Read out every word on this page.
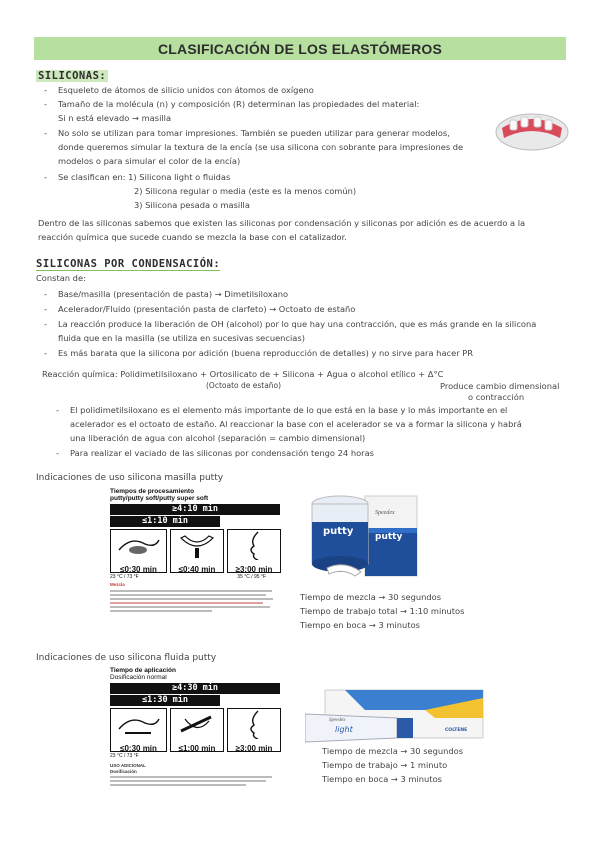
CLASIFICACIÓN DE LOS ELASTÓMEROS
SILICONAS:
- Esqueleto de átomos de silicio unidos con átomos de oxígeno
- Tamaño de la molécula (n) y composición (R) determinan las propiedades del material:
Si n está elevado → masilla
- No solo se utilizan para tomar impresiones. También se pueden utilizar para generar modelos,
donde queremos simular la textura de la encía (se usa silicona con sobrante para impresiones de
modelos o para simular el color de la encía)
- Se clasifican en: 1) Silicona light o fluidas
2) Silicona regular o media (este es la menos común)
3) Silicona pesada o masilla
Dentro de las siliconas sabemos que existen las siliconas por condensación y siliconas por adición es de acuerdo a la
reacción química que sucede cuando se mezcla la base con el catalizador.
SILICONAS POR CONDENSACIÓN:
Constan de:
- Base/masilla (presentación de pasta) → Dimetilsiloxano
- Acelerador/Fluido (presentación pasta de clarfeto) → Octoato de estaño
- La reacción produce la liberación de OH (alcohol) por lo que hay una contracción, que es más grande en la silicona
fluida que en la masilla (se utiliza en sucesivas secuencias)
- Es más barata que la silicona por adición (buena reproducción de detalles) y no sirve para hacer PR
Reacción química: Polidimetilsiloxano + Ortosilicato de + Silicona + Agua o alcohol etílico + Δ°C
(Octoato de estaño)	Produce cambio dimensional
o contracción
- El polidimetilsiloxano es el elemento más importante de lo que está en la base y lo más importante en el
acelerador es el octoato de estaño. Al reaccionar la base con el acelerador se va a formar la silicona y habrá
una liberación de agua con alcohol (separación = cambio dimensional)
- Para realizar el vaciado de las siliconas por condensación tengo 24 horas
Indicaciones de uso silicona masilla putty
Tiempos de procesamiento
putty/putty soft/putty super soft
≥4:10 min
≤1:10 min
≤0:30 min	≤0:40 min	≥3:00 min
23 °C / 73 °F	35 °C / 95 °F
Mezcla
Speedex
putty putty
Tiempo de mezcla → 30 segundos
Tiempo de trabajo total → 1:10 minutos
Tiempo en boca → 3 minutos
Indicaciones de uso silicona fluida putty
Tiempo de aplicación
Dosificación normal
≥4:30 min
≤1:30 min
≤0:30 min	≤1:00 min	≥3:00 min
23 °C / 73 °F
USO ADICIONAL
Dosificación
Speedex
light	COLTENE
Tiempo de mezcla → 30 segundos
Tiempo de trabajo → 1 minuto
Tiempo en boca → 3 minutos
